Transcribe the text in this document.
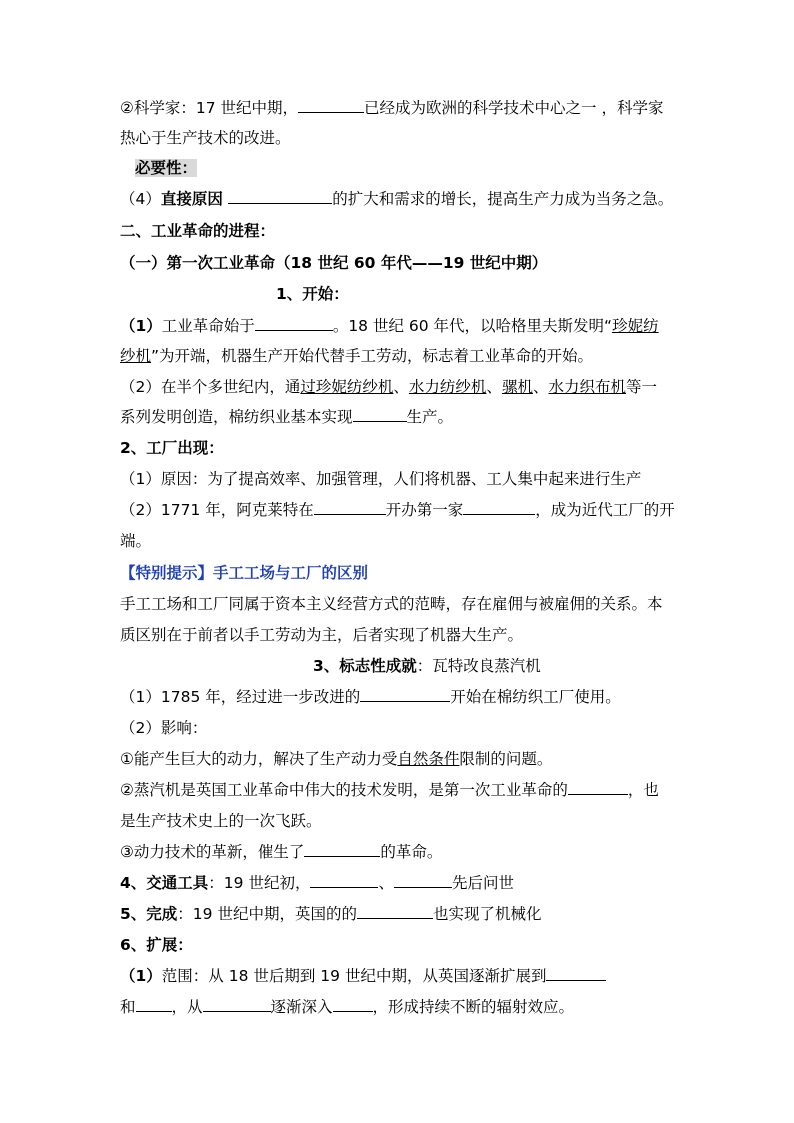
②科学家：17 世纪中期，	已经成为欧洲的科学技术中心之一 ，科学家
热心于生产技术的改进。
必要性：
（4）直接原因	的扩大和需求的增长，提高生产力成为当务之急。
二、工业革命的进程：
（一）第一次工业革命（18 世纪 60 年代——19 世纪中期）
1、开始：
（1）工业革命始于	。18 世纪 60 年代，以哈格里夫斯发明“珍妮纺
纱机”为开端，机器生产开始代替手工劳动，标志着工业革命的开始。
（2）在半个多世纪内，通过珍妮纺纱机、水力纺纱机、骡机、水力织布机等一
系列发明创造，棉纺织业基本实现	生产。
2、工厂出现：
（1）原因：为了提高效率、加强管理，人们将机器、工人集中起来进行生产
（2）1771 年，阿克莱特在	开办第一家	，成为近代工厂的开
端。
【特别提示】手工工场与工厂的区别
手工工场和工厂同属于资本主义经营方式的范畴，存在雇佣与被雇佣的关系。本
质区别在于前者以手工劳动为主，后者实现了机器大生产。
3、标志性成就：瓦特改良蒸汽机
（1）1785 年，经过进一步改进的	开始在棉纺织工厂使用。
（2）影响：
①能产生巨大的动力，解决了生产动力受自然条件限制的问题。
②蒸汽机是英国工业革命中伟大的技术发明，是第一次工业革命的	，也
是生产技术史上的一次飞跃。
③动力技术的革新，催生了	的革命。
4、交通工具：19 世纪初，	、	先后问世
5、完成：19 世纪中期，英国的的	也实现了机械化
6、扩展：
（1）范围：从 18 世后期到 19 世纪中期，从英国逐渐扩展到
和 ，从	逐渐深入	，形成持续不断的辐射效应。
